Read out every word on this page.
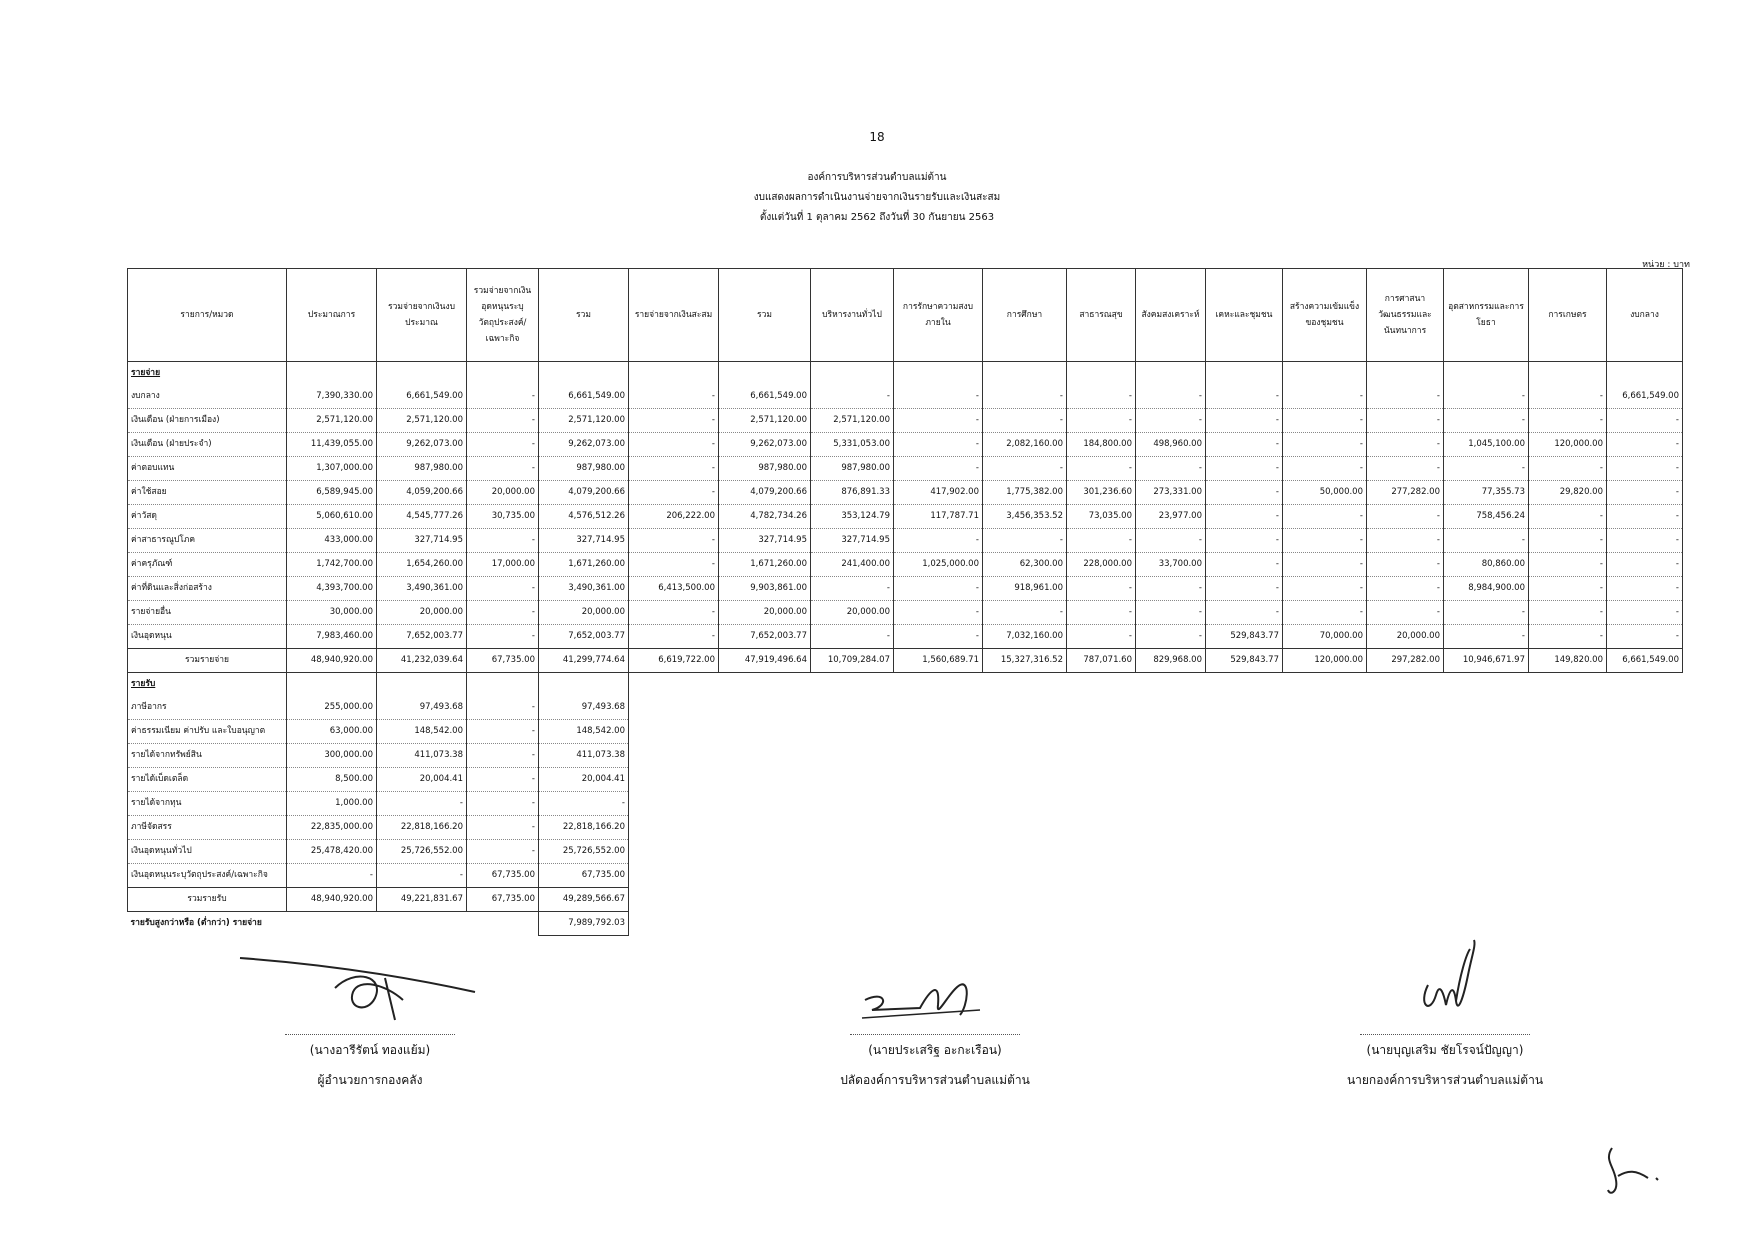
18
องค์การบริหารส่วนตำบลแม่ต้าน
งบแสดงผลการดำเนินงานจ่ายจากเงินรายรับและเงินสะสม
ตั้งแต่วันที่ 1 ตุลาคม 2562 ถึงวันที่ 30 กันยายน 2563
หน่วย : บาท
รายการ/หมวด	ประมาณการ	รวมจ่ายจากเงินงบประมาณ	รวมจ่ายจากเงินอุดหนุนระบุวัตถุประสงค์/เฉพาะกิจ	รวม	รายจ่ายจากเงินสะสม	รวม	บริหารงานทั่วไป	การรักษาความสงบภายใน	การศึกษา	สาธารณสุข	สังคมสงเคราะห์	เคหะและชุมชน	สร้างความเข้มแข็งของชุมชน	การศาสนาวัฒนธรรมและนันทนาการ	อุตสาหกรรมและการโยธา	การเกษตร	งบกลาง
รายจ่าย																	
งบกลาง	7,390,330.00	6,661,549.00	-	6,661,549.00	-	6,661,549.00	-	-	-	-	-	-	-	-	-	-	6,661,549.00
เงินเดือน (ฝ่ายการเมือง)	2,571,120.00	2,571,120.00	-	2,571,120.00	-	2,571,120.00	2,571,120.00	-	-	-	-	-	-	-	-	-	-
เงินเดือน (ฝ่ายประจำ)	11,439,055.00	9,262,073.00	-	9,262,073.00	-	9,262,073.00	5,331,053.00	-	2,082,160.00	184,800.00	498,960.00	-	-	-	1,045,100.00	120,000.00	-
ค่าตอบแทน	1,307,000.00	987,980.00	-	987,980.00	-	987,980.00	987,980.00	-	-	-	-	-	-	-	-	-	-
ค่าใช้สอย	6,589,945.00	4,059,200.66	20,000.00	4,079,200.66	-	4,079,200.66	876,891.33	417,902.00	1,775,382.00	301,236.60	273,331.00	-	50,000.00	277,282.00	77,355.73	29,820.00	-
ค่าวัสดุ	5,060,610.00	4,545,777.26	30,735.00	4,576,512.26	206,222.00	4,782,734.26	353,124.79	117,787.71	3,456,353.52	73,035.00	23,977.00	-	-	-	758,456.24	-	-
ค่าสาธารณูปโภค	433,000.00	327,714.95	-	327,714.95	-	327,714.95	327,714.95	-	-	-	-	-	-	-	-	-	-
ค่าครุภัณฑ์	1,742,700.00	1,654,260.00	17,000.00	1,671,260.00	-	1,671,260.00	241,400.00	1,025,000.00	62,300.00	228,000.00	33,700.00	-	-	-	80,860.00	-	-
ค่าที่ดินและสิ่งก่อสร้าง	4,393,700.00	3,490,361.00	-	3,490,361.00	6,413,500.00	9,903,861.00	-	-	918,961.00	-	-	-	-	-	8,984,900.00	-	-
รายจ่ายอื่น	30,000.00	20,000.00	-	20,000.00	-	20,000.00	20,000.00	-	-	-	-	-	-	-	-	-	-
เงินอุดหนุน	7,983,460.00	7,652,003.77	-	7,652,003.77	-	7,652,003.77	-	-	7,032,160.00	-	-	529,843.77	70,000.00	20,000.00	-	-	-
รวมรายจ่าย	48,940,920.00	41,232,039.64	67,735.00	41,299,774.64	6,619,722.00	47,919,496.64	10,709,284.07	1,560,689.71	15,327,316.52	787,071.60	829,968.00	529,843.77	120,000.00	297,282.00	10,946,671.97	149,820.00	6,661,549.00
รายรับ																	
ภาษีอากร	255,000.00	97,493.68	-	97,493.68													
ค่าธรรมเนียม ค่าปรับ และใบอนุญาต	63,000.00	148,542.00	-	148,542.00													
รายได้จากทรัพย์สิน	300,000.00	411,073.38	-	411,073.38													
รายได้เบ็ดเตล็ด	8,500.00	20,004.41	-	20,004.41													
รายได้จากทุน	1,000.00	-	-	-													
ภาษีจัดสรร	22,835,000.00	22,818,166.20	-	22,818,166.20													
เงินอุดหนุนทั่วไป	25,478,420.00	25,726,552.00	-	25,726,552.00													
เงินอุดหนุนระบุวัตถุประสงค์/เฉพาะกิจ	-	-	67,735.00	67,735.00													
รวมรายรับ	48,940,920.00	49,221,831.67	67,735.00	49,289,566.67													
รายรับสูงกว่าหรือ (ต่ำกว่า) รายจ่าย				7,989,792.03													
(นางอารีรัตน์ ทองแย้ม)
ผู้อำนวยการกองคลัง
(นายประเสริฐ อะกะเรือน)
ปลัดองค์การบริหารส่วนตำบลแม่ต้าน
(นายบุญเสริม ชัยโรจน์ปัญญา)
นายกองค์การบริหารส่วนตำบลแม่ต้าน
